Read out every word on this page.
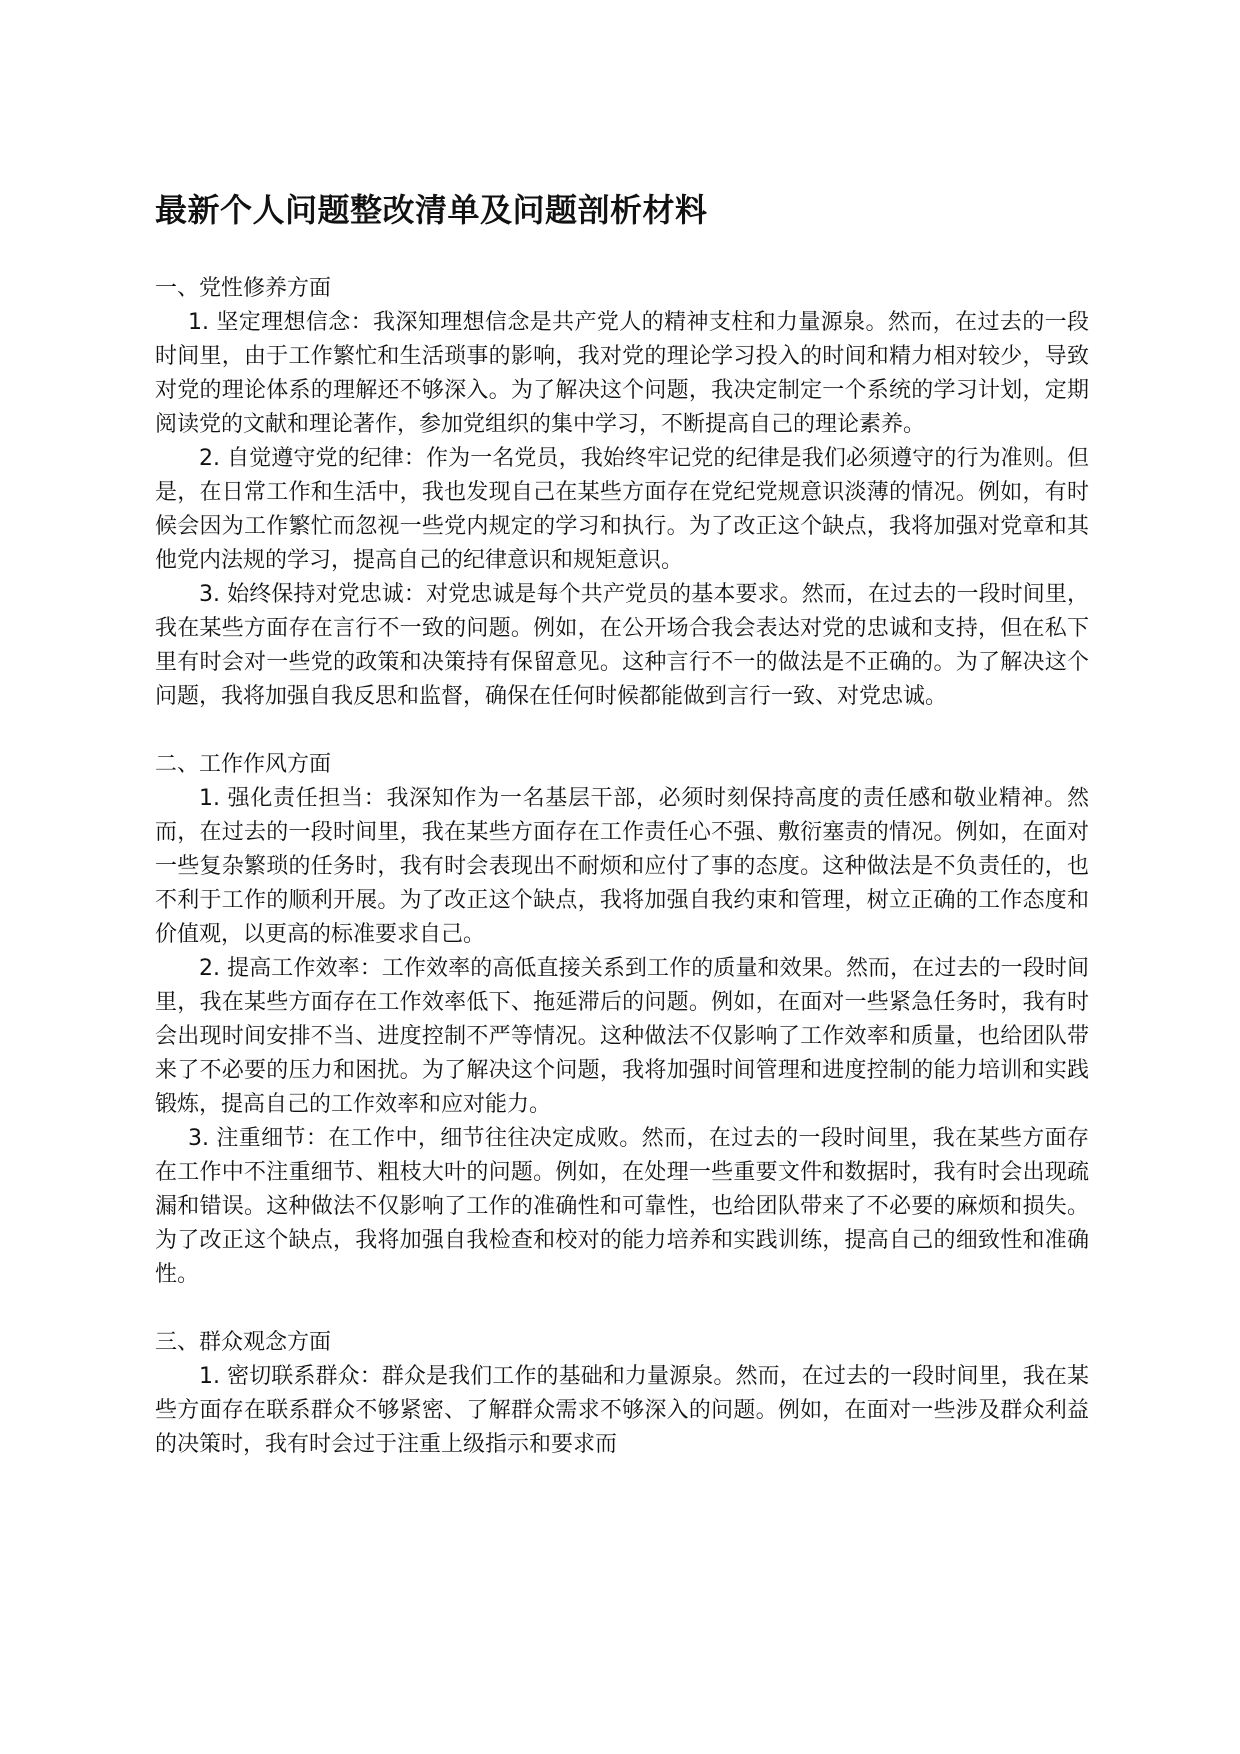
最新个人问题整改清单及问题剖析材料

一、党性修养方面

1. 坚定理想信念：我深知理想信念是共产党人的精神支柱和力量源泉。然而，在过去的一段时间里，由于工作繁忙和生活琐事的影响，我对党的理论学习投入的时间和精力相对较少，导致对党的理论体系的理解还不够深入。为了解决这个问题，我决定制定一个系统的学习计划，定期阅读党的文献和理论著作，参加党组织的集中学习，不断提高自己的理论素养。

2. 自觉遵守党的纪律：作为一名党员，我始终牢记党的纪律是我们必须遵守的行为准则。但是，在日常工作和生活中，我也发现自己在某些方面存在党纪党规意识淡薄的情况。例如，有时候会因为工作繁忙而忽视一些党内规定的学习和执行。为了改正这个缺点，我将加强对党章和其他党内法规的学习，提高自己的纪律意识和规矩意识。

3. 始终保持对党忠诚：对党忠诚是每个共产党员的基本要求。然而，在过去的一段时间里，我在某些方面存在言行不一致的问题。例如，在公开场合我会表达对党的忠诚和支持，但在私下里有时会对一些党的政策和决策持有保留意见。这种言行不一的做法是不正确的。为了解决这个问题，我将加强自我反思和监督，确保在任何时候都能做到言行一致、对党忠诚。

二、工作作风方面

1. 强化责任担当：我深知作为一名基层干部，必须时刻保持高度的责任感和敬业精神。然而，在过去的一段时间里，我在某些方面存在工作责任心不强、敷衍塞责的情况。例如，在面对一些复杂繁琐的任务时，我有时会表现出不耐烦和应付了事的态度。这种做法是不负责任的，也不利于工作的顺利开展。为了改正这个缺点，我将加强自我约束和管理，树立正确的工作态度和价值观，以更高的标准要求自己。

2. 提高工作效率：工作效率的高低直接关系到工作的质量和效果。然而，在过去的一段时间里，我在某些方面存在工作效率低下、拖延滞后的问题。例如，在面对一些紧急任务时，我有时会出现时间安排不当、进度控制不严等情况。这种做法不仅影响了工作效率和质量，也给团队带来了不必要的压力和困扰。为了解决这个问题，我将加强时间管理和进度控制的能力培训和实践锻炼，提高自己的工作效率和应对能力。

3. 注重细节：在工作中，细节往往决定成败。然而，在过去的一段时间里，我在某些方面存在工作中不注重细节、粗枝大叶的问题。例如，在处理一些重要文件和数据时，我有时会出现疏漏和错误。这种做法不仅影响了工作的准确性和可靠性，也给团队带来了不必要的麻烦和损失。为了改正这个缺点，我将加强自我检查和校对的能力培养和实践训练，提高自己的细致性和准确性。

三、群众观念方面

1. 密切联系群众：群众是我们工作的基础和力量源泉。然而，在过去的一段时间里，我在某些方面存在联系群众不够紧密、了解群众需求不够深入的问题。例如，在面对一些涉及群众利益的决策时，我有时会过于注重上级指示和要求而
